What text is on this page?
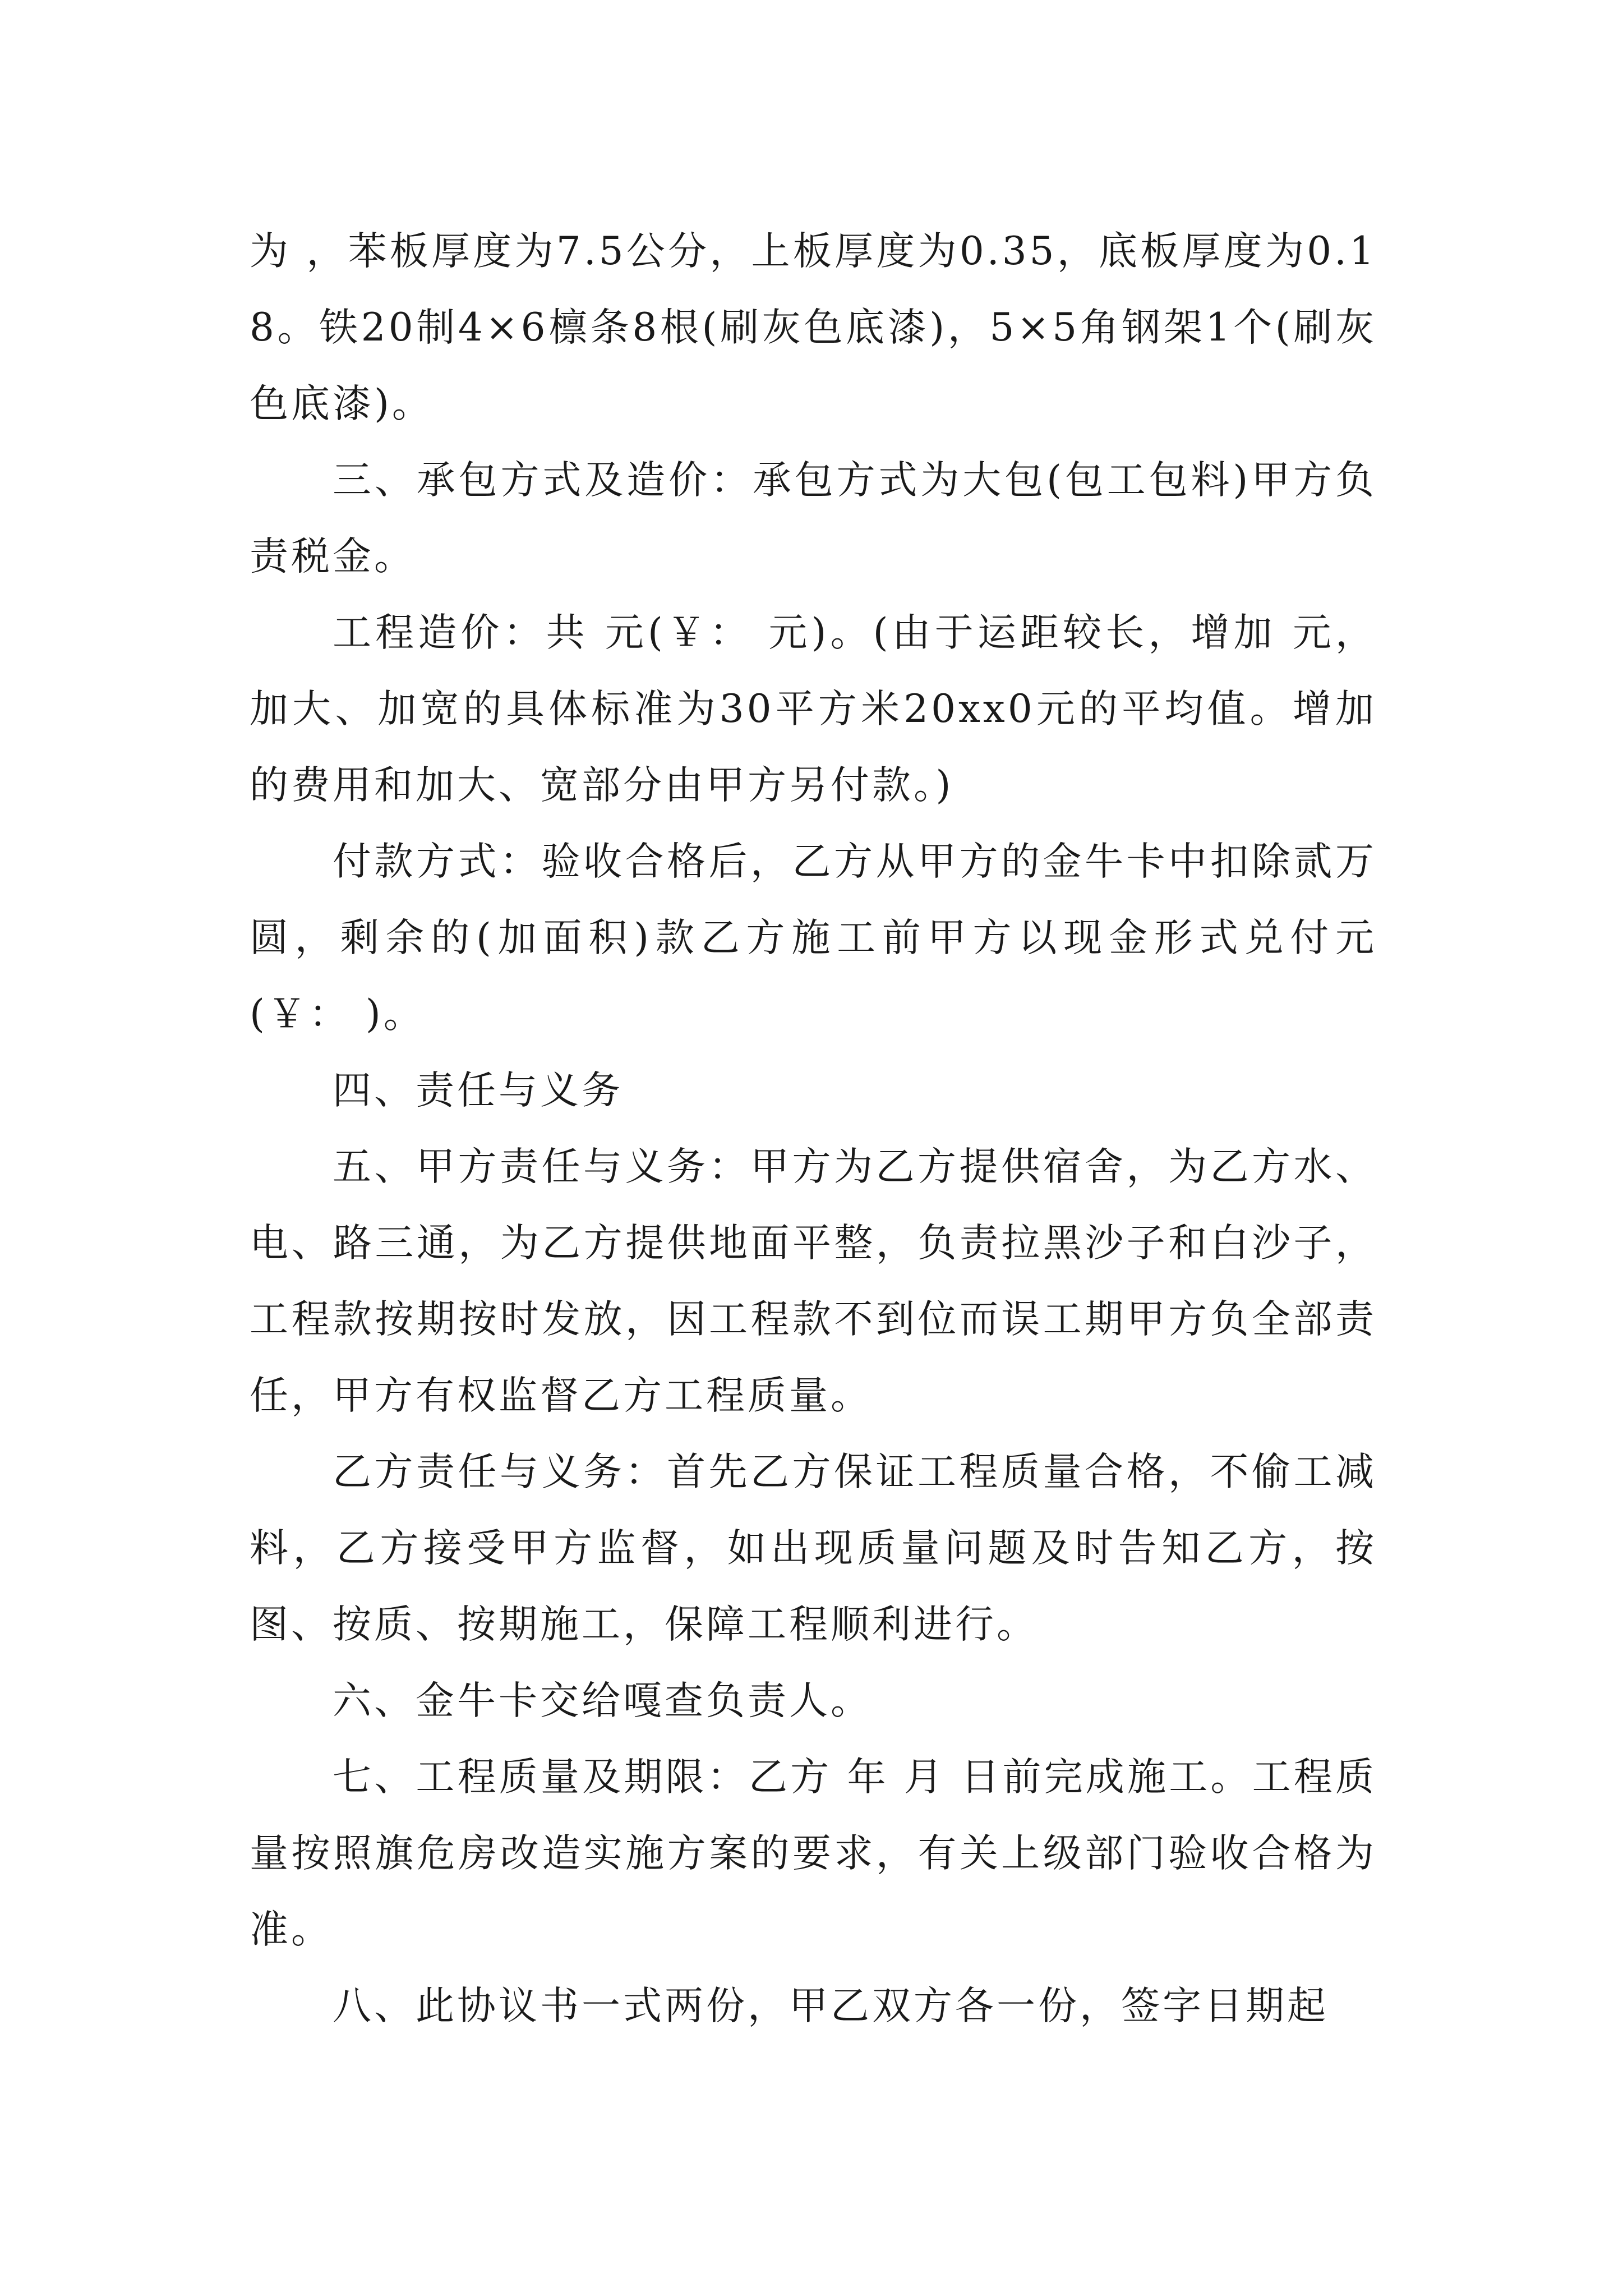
为 ，苯板厚度为7.5公分，上板厚度为0.35，底板厚度为0.18。铁20制4×6檩条8根(刷灰色底漆)，5×5角钢架1个(刷灰色底漆)。

三、承包方式及造价：承包方式为大包(包工包料)甲方负责税金。

工程造价：共 元(￥： 元)。(由于运距较长，增加 元，加大、加宽的具体标准为30平方米20xx0元的平均值。增加的费用和加大、宽部分由甲方另付款。)

付款方式：验收合格后，乙方从甲方的金牛卡中扣除贰万圆，剩余的(加面积)款乙方施工前甲方以现金形式兑付元(￥： )。

四、责任与义务

五、甲方责任与义务：甲方为乙方提供宿舍，为乙方水、电、路三通，为乙方提供地面平整，负责拉黑沙子和白沙子，工程款按期按时发放，因工程款不到位而误工期甲方负全部责任，甲方有权监督乙方工程质量。

乙方责任与义务：首先乙方保证工程质量合格，不偷工减料，乙方接受甲方监督，如出现质量问题及时告知乙方，按图、按质、按期施工，保障工程顺利进行。

六、金牛卡交给嘎查负责人。

七、工程质量及期限：乙方 年 月 日前完成施工。工程质量按照旗危房改造实施方案的要求，有关上级部门验收合格为准。

八、此协议书一式两份，甲乙双方各一份，签字日期起
